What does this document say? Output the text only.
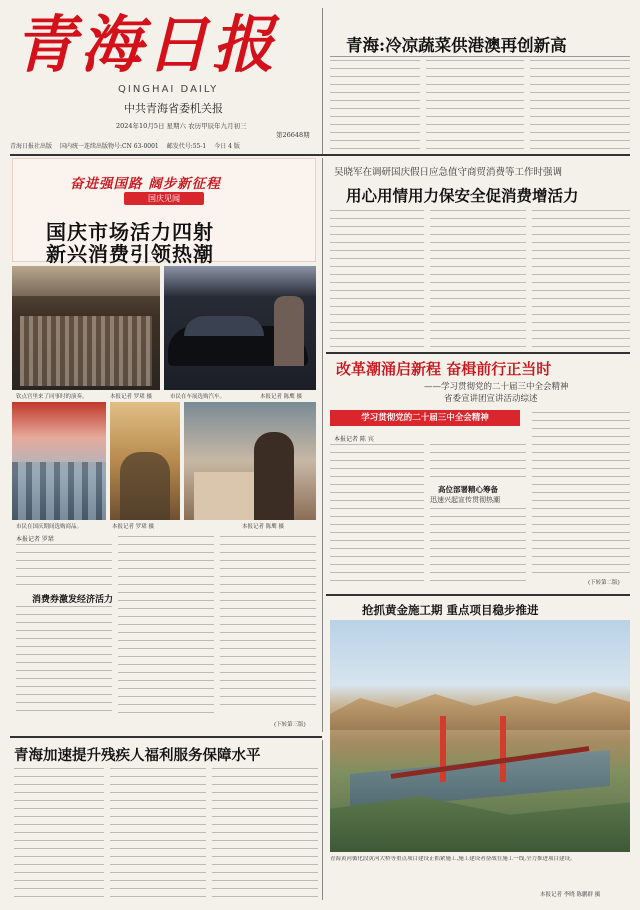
青海日报
QINGHAI DAILY
中共青海省委机关报
2024年10月5日 星期六 农历甲辰年九月初三
第26648期
青海日报社出版 国内统一连续出版物号:CN 63-0001 邮发代号:55-1 今日 4 版
青海:冷凉蔬菜供港澳再创新高
奋进强国路 阔步新征程
国庆见闻
国庆市场活力四射
新兴消费引领热潮
钦点宫里来了同事时的演奏。	本报记者 罗珺 摄	市民在车展选购汽车。	本报记者 陈鹰 摄
市民在国庆期间选购商品。	本报记者 罗珺 摄	本报记者 陈鹰 摄
本报记者 罗珺
消费券激发经济活力
(下转第三版)
吴晓军在调研国庆假日应急值守商贸消费等工作时强调
用心用情用力保安全促消费增活力
改革潮涌启新程 奋楫前行正当时
——学习贯彻党的二十届三中全会精神
省委宣讲团宣讲活动综述
学习贯彻党的二十届三中全会精神
本报记者 陈 宾
高位部署精心筹备
迅速兴起宣传贯彻热潮
(下转第二版)
抢抓黄金施工期 重点项目稳步推进
青海黄河循化段黄河大桥等重点项目建设正抓紧施工,施工建设者奋战在施工一线,全力推进项目建设。
本报记者 李晓 陈鹏群 摄
青海加速提升残疾人福利服务保障水平
